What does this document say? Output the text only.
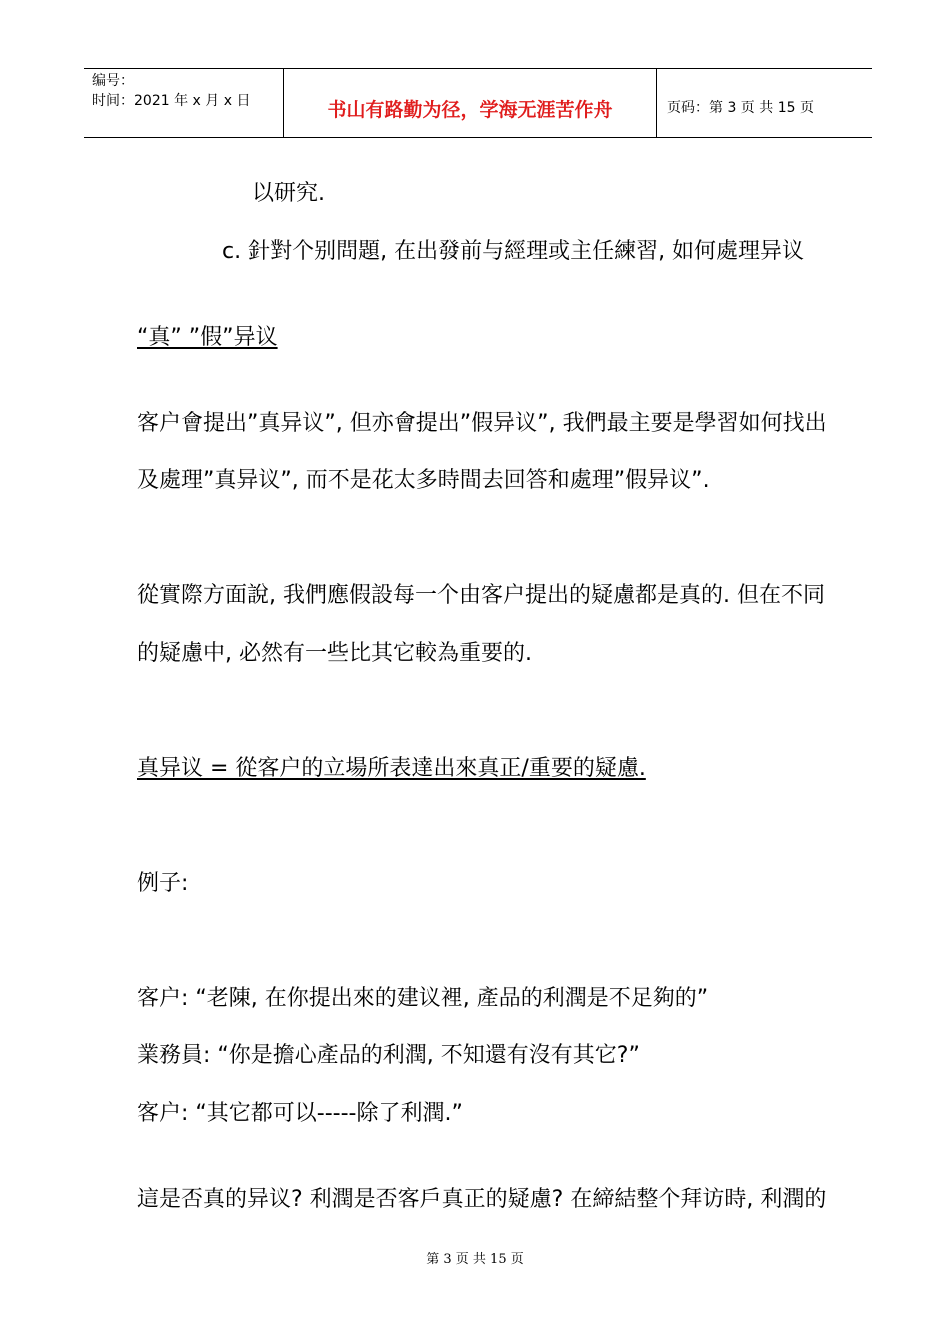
编号：
时间：2021 年 x 月 x 日	书山有路勤为径，学海无涯苦作舟	页码：第 3 页 共 15 页
以研究.
c. 針對个别問題, 在出發前与經理或主任練習, 如何處理异议
“真” ”假”异议
客户會提出”真异议”, 但亦會提出”假异议”, 我們最主要是學習如何找出
及處理”真异议”, 而不是花太多時間去回答和處理”假异议”.
從實際方面說, 我們應假設每一个由客户提出的疑慮都是真的. 但在不同
的疑慮中, 必然有一些比其它較為重要的.
真异议 = 從客户的立場所表達出來真正/重要的疑慮.
例子:
客户: “老陳, 在你提出來的建议裡, 產品的利潤是不足夠的”
業務員: “你是擔心產品的利潤, 不知還有沒有其它?”
客户: “其它都可以-----除了利潤.”
這是否真的异议? 利潤是否客戶真正的疑慮? 在締結整个拜访時, 利潤的
第 3 页 共 15 页
